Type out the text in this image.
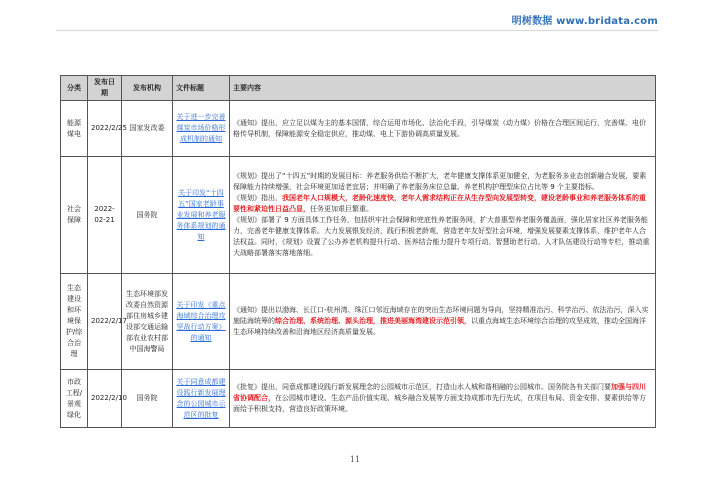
明树数据 www.bridata.com
分类	发布日期	发布机构	文件标题	主要内容
能源煤电	2022/2/25	国家发改委	关于进一步完善煤炭市场价格形成机制的通知	《通知》提出，应立足以煤为主的基本国情，综合运用市场化、法治化手段，引导煤炭（动力煤）价格在合理区间运行，完善煤、电价格传导机制，保障能源安全稳定供应，推动煤、电上下游协调高质量发展。

社会保障	2022-02-21	国务院	关于印发“十四五”国家老龄事业发展和养老服务体系规划的通知	《规划》提出了“十四五”时期的发展目标：养老服务供给不断扩大，老年健康支撑体系更加健全，为老服务多业态创新融合发展，要素保障能力持续增强，社会环境更加适老宜居；并明确了养老服务床位总量、养老机构护理型床位占比等 9 个主要指标。

《规划》指出，我国老年人口规模大，老龄化速度快，老年人需求结构正在从生存型向发展型转变，建设老龄事业和养老服务体系的重要性和紧迫性日益凸显，任务更加艰巨繁重。

《规划》部署了 9 方面具体工作任务，包括织牢社会保障和兜底性养老服务网，扩大普惠型养老服务覆盖面，强化居家社区养老服务能力，完善老年健康支撑体系。大力发展银发经济，践行积极老龄观，营造老年友好型社会环境，增强发展要素支撑体系，维护老年人合法权益。同时，《规划》设置了公办养老机构提升行动、医养结合能力提升专项行动、智慧助老行动、人才队伍建设行动等专栏，推动重大战略部署落实落地落细。

生态建设和环境保护/综合治理	2022/2/17	生态环境部发改委自然资源部住房城乡建设部交通运输部农业农村部中国海警局	关于印发《重点海域综合治理攻坚战行动方案》的通知	《通知》提出以渤海、长江口-杭州湾、珠江口邻近海域存在的突出生态环境问题为导向，坚持精准治污、科学治污、依法治污，深入实施陆海统筹的综合治理、系统治理、源头治理，推进美丽海湾建设示范引领，以重点海域生态环境综合治理的攻坚成效，推动全国海洋生态环境持续改善和沿海地区经济高质量发展。

市政工程/景观绿化	2022/2/10	国务院	关于同意成都建设践行新发展理念的公园城市示范区的批复	《批复》提出，同意成都建设践行新发展理念的公园城市示范区，打造山水人城和谐相融的公园城市。国务院各有关部门要加强与四川省协调配合，在公园城市建设、生态产品价值实现、城乡融合发展等方面支持成都市先行先试，在项目布局、资金安排、要素供给等方面给予积极支持，营造良好政策环境。

11
